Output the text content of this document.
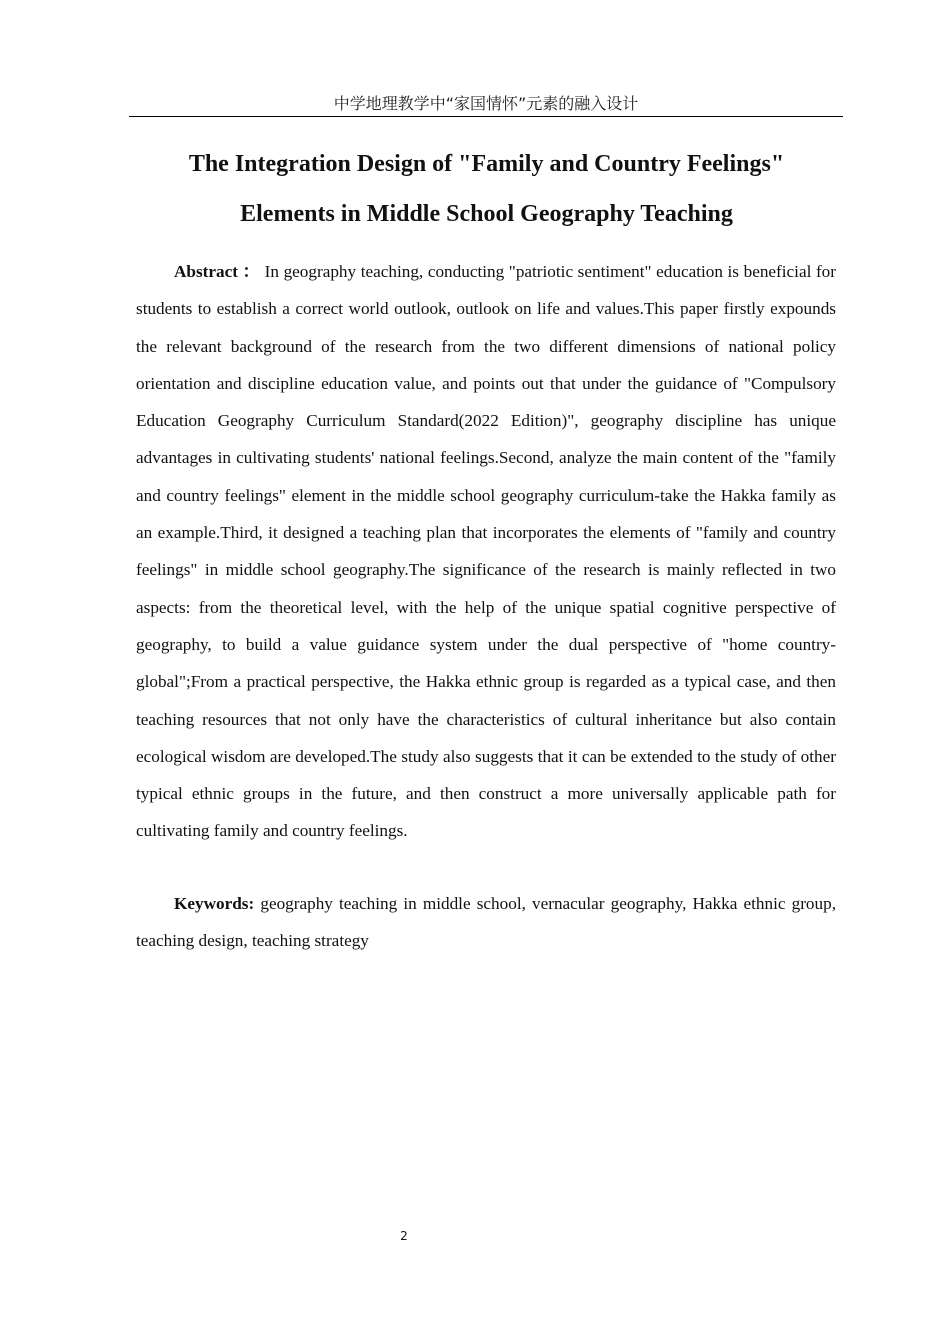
中学地理教学中“家国情怀”元素的融入设计
The Integration Design of "Family and Country Feelings"
Elements in Middle School Geography Teaching

Abstract ： In geography teaching, conducting "patriotic sentiment" education is beneficial for students to establish a correct world outlook, outlook on life and values.This paper firstly expounds the relevant background of the research from the two different dimensions of national policy orientation and discipline education value, and points out that under the guidance of "Compulsory Education Geography Curriculum Standard(2022 Edition)", geography discipline has unique advantages in cultivating students' national feelings.Second, analyze the main content of the "family and country feelings" element in the middle school geography curriculum-take the Hakka family as an example.Third, it designed a teaching plan that incorporates the elements of "family and country feelings" in middle school geography.The significance of the research is mainly reflected in two aspects: from the theoretical level, with the help of the unique spatial cognitive perspective of geography, to build a value guidance system under the dual perspective of "home country-global";From a practical perspective, the Hakka ethnic group is regarded as a typical case, and then teaching resources that not only have the characteristics of cultural inheritance but also contain ecological wisdom are developed.The study also suggests that it can be extended to the study of other typical ethnic groups in the future, and then construct a more universally applicable path for cultivating family and country feelings.

Keywords: geography teaching in middle school, vernacular geography, Hakka ethnic group, teaching design, teaching strategy

2
